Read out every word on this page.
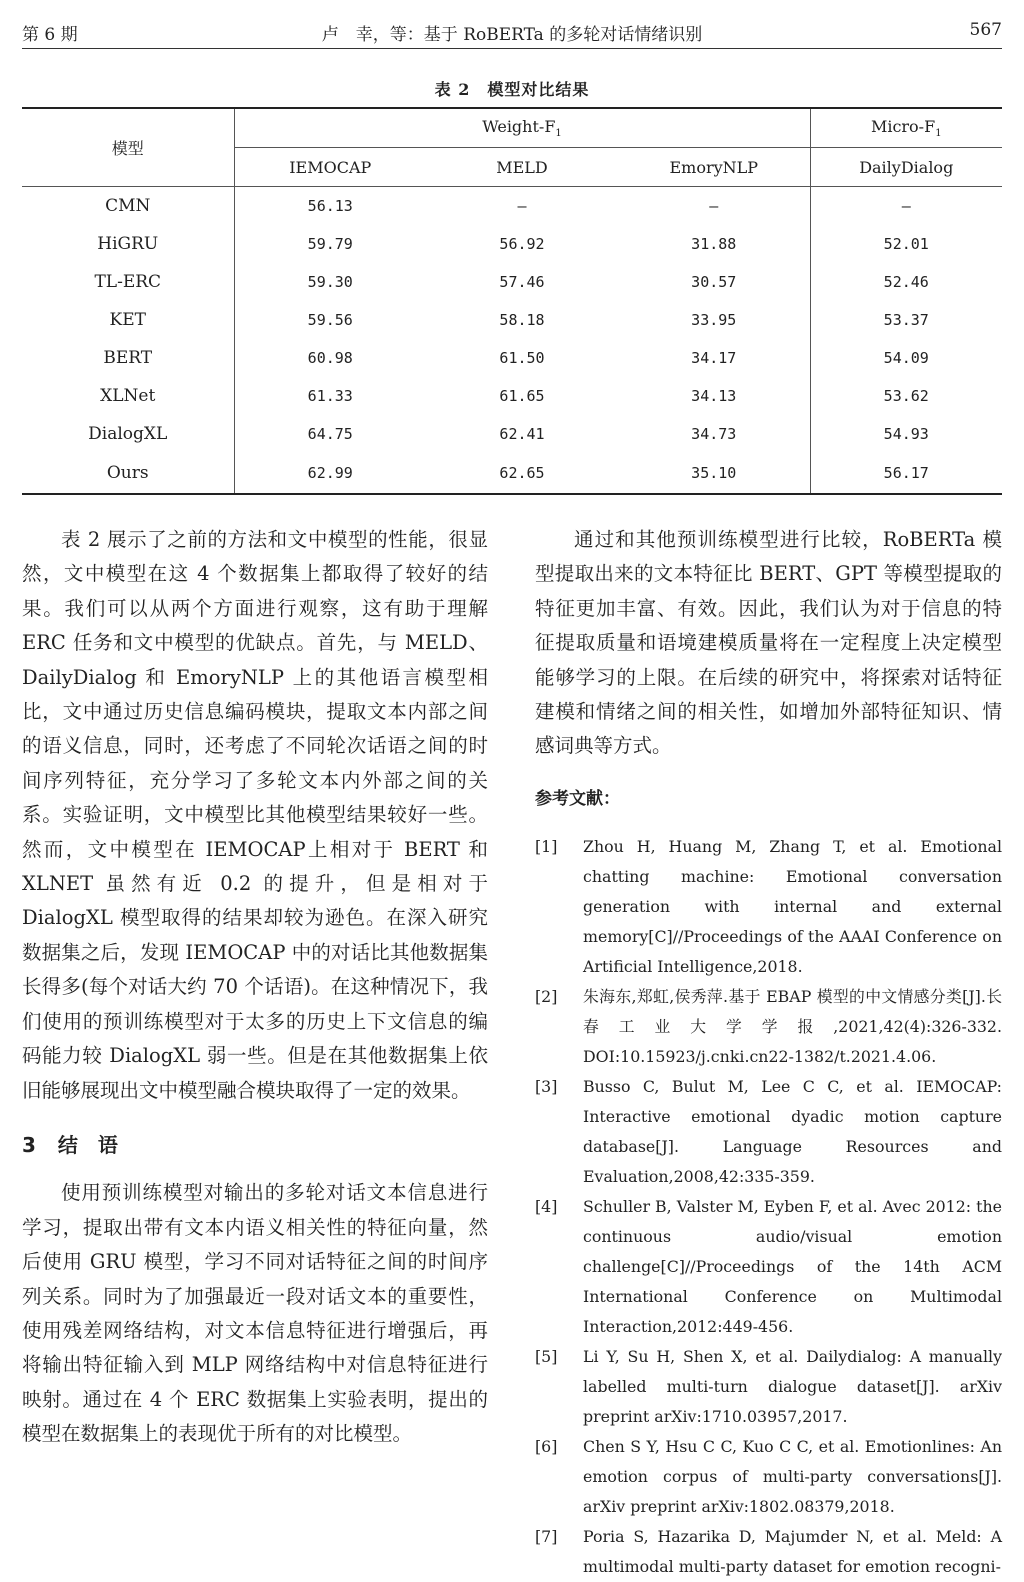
第 6 期	卢　幸，等：基于 RoBERTa 的多轮对话情绪识别	567
表 2　模型对比结果
模型	Weight-$F_1$			Micro-$F_1$
	IEMOCAP	MELD	EmoryNLP	DailyDialog
CMN	56.13	—	—	—
HiGRU	59.79	56.92	31.88	52.01
TL-ERC	59.30	57.46	30.57	52.46
KET	59.56	58.18	33.95	53.37
BERT	60.98	61.50	34.17	54.09
XLNet	61.33	61.65	34.13	53.62
DialogXL	64.75	62.41	34.73	54.93
Ours	62.99	62.65	35.10	56.17

表 2 展示了之前的方法和文中模型的性能，很显然，文中模型在这 4 个数据集上都取得了较好的结果。我们可以从两个方面进行观察，这有助于理解 ERC 任务和文中模型的优缺点。首先，与 MELD、DailyDialog 和 EmoryNLP 上的其他语言模型相比，文中通过历史信息编码模块，提取文本内部之间的语义信息，同时，还考虑了不同轮次话语之间的时间序列特征，充分学习了多轮文本内外部之间的关系。实验证明，文中模型比其他模型结果较好一些。然而，文中模型在 IEMOCAP上相对于 BERT 和 XLNET 虽然有近 0.2 的提升，但是相对于 DialogXL 模型取得的结果却较为逊色。在深入研究数据集之后，发现 IEMOCAP 中的对话比其他数据集长得多(每个对话大约 70 个话语)。在这种情况下，我们使用的预训练模型对于太多的历史上下文信息的编码能力较 DialogXL 弱一些。但是在其他数据集上依旧能够展现出文中模型融合模块取得了一定的效果。

3 结　语

使用预训练模型对输出的多轮对话文本信息进行学习，提取出带有文本内语义相关性的特征向量，然后使用 GRU 模型，学习不同对话特征之间的时间序列关系。同时为了加强最近一段对话文本的重要性，使用残差网络结构，对文本信息特征进行增强后，再将输出特征输入到 MLP 网络结构中对信息特征进行映射。通过在 4 个 ERC 数据集上实验表明，提出的模型在数据集上的表现优于所有的对比模型。

通过和其他预训练模型进行比较，RoBERTa 模型提取出来的文本特征比 BERT、GPT 等模型提取的特征更加丰富、有效。因此，我们认为对于信息的特征提取质量和语境建模质量将在一定程度上决定模型能够学习的上限。在后续的研究中，将探索对话特征建模和情绪之间的相关性，如增加外部特征知识、情感词典等方式。

参考文献：
[1]	Zhou H, Huang M, Zhang T, et al. Emotional chatting machine: Emotional conversation generation with internal and external memory[C]//Proceedings of the AAAI Conference on Artificial Intelligence,2018.
[2]	朱海东,郑虹,侯秀萍.基于 EBAP 模型的中文情感分类[J].长春工业大学学报,2021,42(4):326-332. DOI:10.15923/j.cnki.cn22-1382/t.2021.4.06.
[3]	Busso C, Bulut M, Lee C C, et al. IEMOCAP: Interactive emotional dyadic motion capture database[J]. Language Resources and Evaluation,2008,42:335-359.
[4]	Schuller B, Valster M, Eyben F, et al. Avec 2012: the continuous audio/visual emotion challenge[C]//Proceedings of the 14th ACM International Conference on Multimodal Interaction,2012:449-456.
[5]	Li Y, Su H, Shen X, et al. Dailydialog: A manually labelled multi-turn dialogue dataset[J]. arXiv preprint arXiv:1710.03957,2017.
[6]	Chen S Y, Hsu C C, Kuo C C, et al. Emotionlines: An emotion corpus of multi-party conversations[J]. arXiv preprint arXiv:1802.08379,2018.
[7]	Poria S, Hazarika D, Majumder N, et al. Meld: A multimodal multi-party dataset for emotion recogni-
